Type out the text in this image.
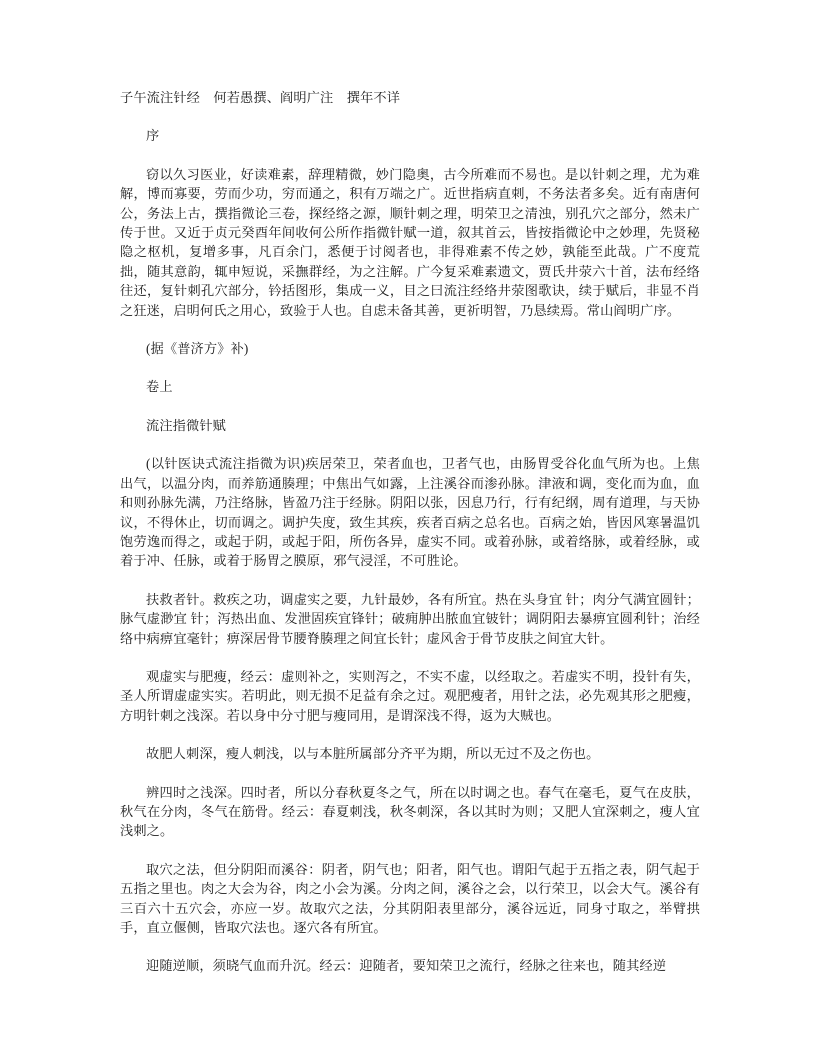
子午流注针经　何若愚撰、阎明广注　撰年不详
序
窃以久习医业，好读难素，辞理精微，妙门隐奥，古今所难而不易也。是以针刺之理，尤为难解，博而寡要，劳而少功，穷而通之，积有万端之广。近世指病直刺，不务法者多矣。近有南唐何公，务法上古，撰指微论三卷，探经络之源，顺针刺之理，明荣卫之清浊，别孔穴之部分，然未广传于世。又近于贞元癸酉年间收何公所作指微针赋一道，叙其首云，皆按指微论中之妙理，先贤秘隐之枢机，复增多事，凡百余门，悉便于讨阅者也，非得难素不传之妙，孰能至此哉。广不度荒拙，随其意韵，辄申短说，采撫群经，为之注解。广今复采难素遗文，贾氏井荥六十首，法布经络往还，复针刺孔穴部分，钤括图形，集成一义，目之曰流注经络井荥图歌诀，续于赋后，非显不肖之狂迷，启明何氏之用心，致验于人也。自虑未备其善，更祈明智，乃恳续焉。常山阎明广序。
(据《普济方》补)
卷上
流注指微针赋
(以针医诀式流注指微为识)疾居荣卫，荣者血也，卫者气也，由肠胃受谷化血气所为也。上焦出气，以温分肉，而养筋通腠理；中焦出气如露，上注溪谷而渗孙脉。津液和调，变化而为血，血和则孙脉先满，乃注络脉，皆盈乃注于经脉。阴阳以张，因息乃行，行有纪纲，周有道理，与天协议，不得休止，切而调之。调护失度，致生其疾，疾者百病之总名也。百病之始，皆因风寒暑温饥饱劳逸而得之，或起于阴，或起于阳，所伤各异，虚实不同。或着孙脉，或着络脉，或着经脉，或着于冲、任脉，或着于肠胃之膜原，邪气浸淫，不可胜论。
扶救者针。救疾之功，调虚实之要，九针最妙，各有所宜。热在头身宜 针；肉分气满宜圆针；脉气虚渺宜 针；泻热出血、发泄固疾宜锋针；破痈肿出脓血宜铍针；调阴阳去暴痹宜圆利针；治经络中病痹宜毫针；痹深居骨节腰脊腠理之间宜长针；虚风舍于骨节皮肤之间宜大针。
观虚实与肥瘦，经云：虚则补之，实则泻之，不实不虚，以经取之。若虚实不明，投针有失，圣人所谓虚虚实实。若明此，则无损不足益有余之过。观肥瘦者，用针之法，必先观其形之肥瘦，方明针刺之浅深。若以身中分寸肥与瘦同用，是谓深浅不得，返为大贼也。
故肥人刺深，瘦人刺浅，以与本脏所属部分齐平为期，所以无过不及之伤也。
辨四时之浅深。四时者，所以分春秋夏冬之气，所在以时调之也。春气在毫毛，夏气在皮肤，秋气在分肉，冬气在筋骨。经云：春夏刺浅，秋冬刺深，各以其时为则；又肥人宜深刺之，瘦人宜浅刺之。
取穴之法，但分阴阳而溪谷：阴者，阴气也；阳者，阳气也。谓阳气起于五指之表，阴气起于五指之里也。肉之大会为谷，肉之小会为溪。分肉之间，溪谷之会，以行荣卫，以会大气。溪谷有三百六十五穴会，亦应一岁。故取穴之法，分其阴阳表里部分，溪谷远近，同身寸取之，举臂拱手，直立偃侧，皆取穴法也。逐穴各有所宜。
迎随逆顺，须晓气血而升沉。经云：迎随者，要知荣卫之流行，经脉之往来也，随其经逆
